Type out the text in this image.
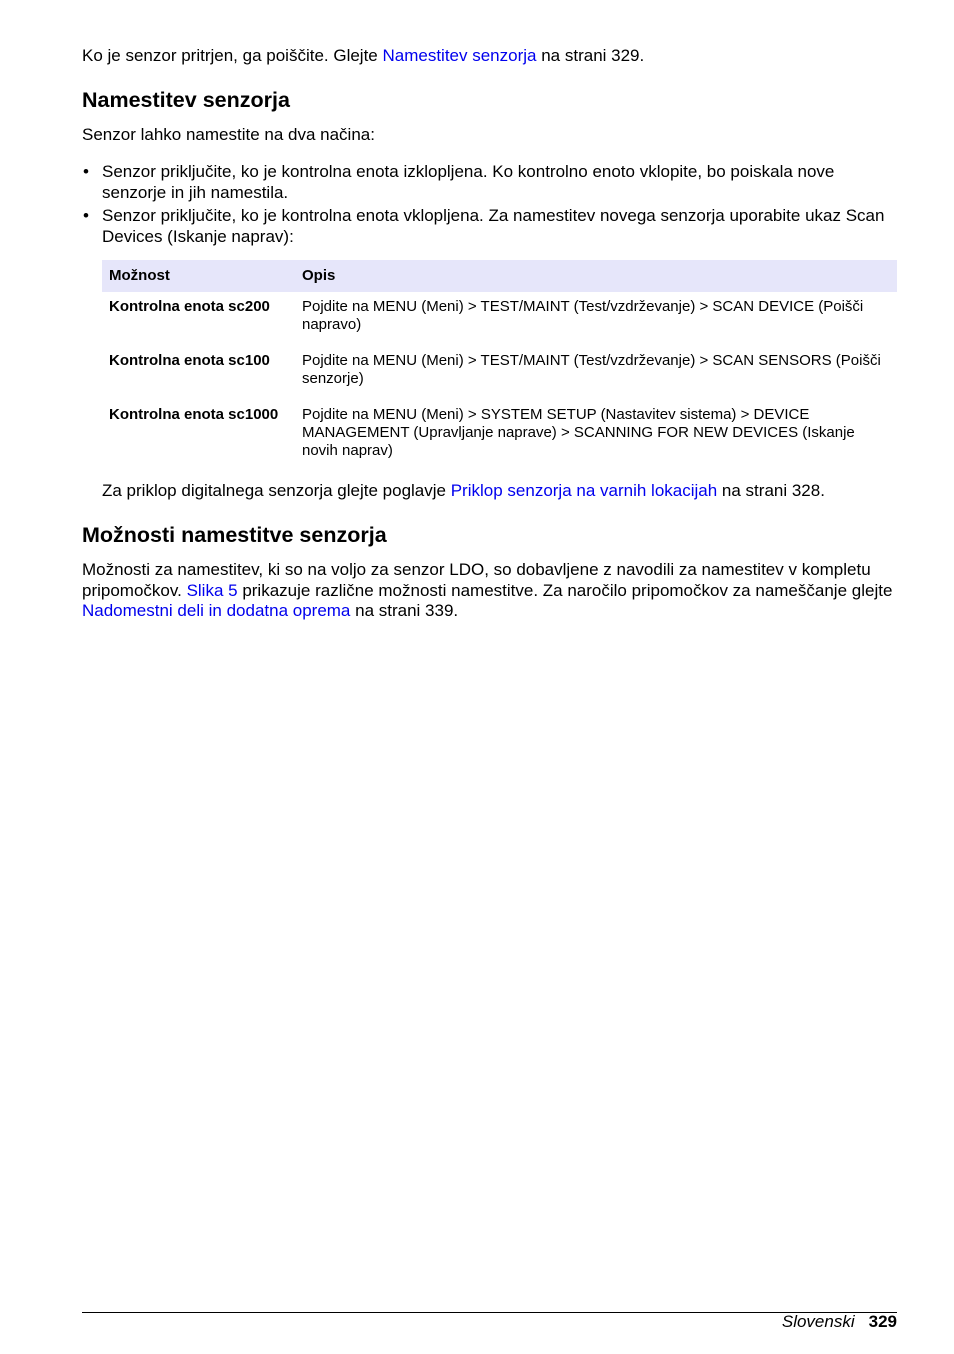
Ko je senzor pritrjen, ga poiščite. Glejte Namestitev senzorja na strani 329.

Namestitev senzorja

Senzor lahko namestite na dva načina:

• Senzor priključite, ko je kontrolna enota izklopljena. Ko kontrolno enoto vklopite, bo poiskala nove senzorje in jih namestila.
• Senzor priključite, ko je kontrolna enota vklopljena. Za namestitev novega senzorja uporabite ukaz Scan Devices (Iskanje naprav):
Možnost	Opis
Kontrolna enota sc200	Pojdite na MENU (Meni) > TEST/MAINT (Test/vzdrževanje) > SCAN DEVICE (Poišči napravo)
Kontrolna enota sc100	Pojdite na MENU (Meni) > TEST/MAINT (Test/vzdrževanje) > SCAN SENSORS (Poišči senzorje)
Kontrolna enota sc1000	Pojdite na MENU (Meni) > SYSTEM SETUP (Nastavitev sistema) > DEVICE MANAGEMENT (Upravljanje naprave) > SCANNING FOR NEW DEVICES (Iskanje novih naprav)

Za priklop digitalnega senzorja glejte poglavje Priklop senzorja na varnih lokacijah na strani 328.

Možnosti namestitve senzorja

Možnosti za namestitev, ki so na voljo za senzor LDO, so dobavljene z navodili za namestitev v kompletu pripomočkov. Slika 5 prikazuje različne možnosti namestitve. Za naročilo pripomočkov za nameščanje glejte Nadomestni deli in dodatna oprema na strani 339.

Slovenski 329
